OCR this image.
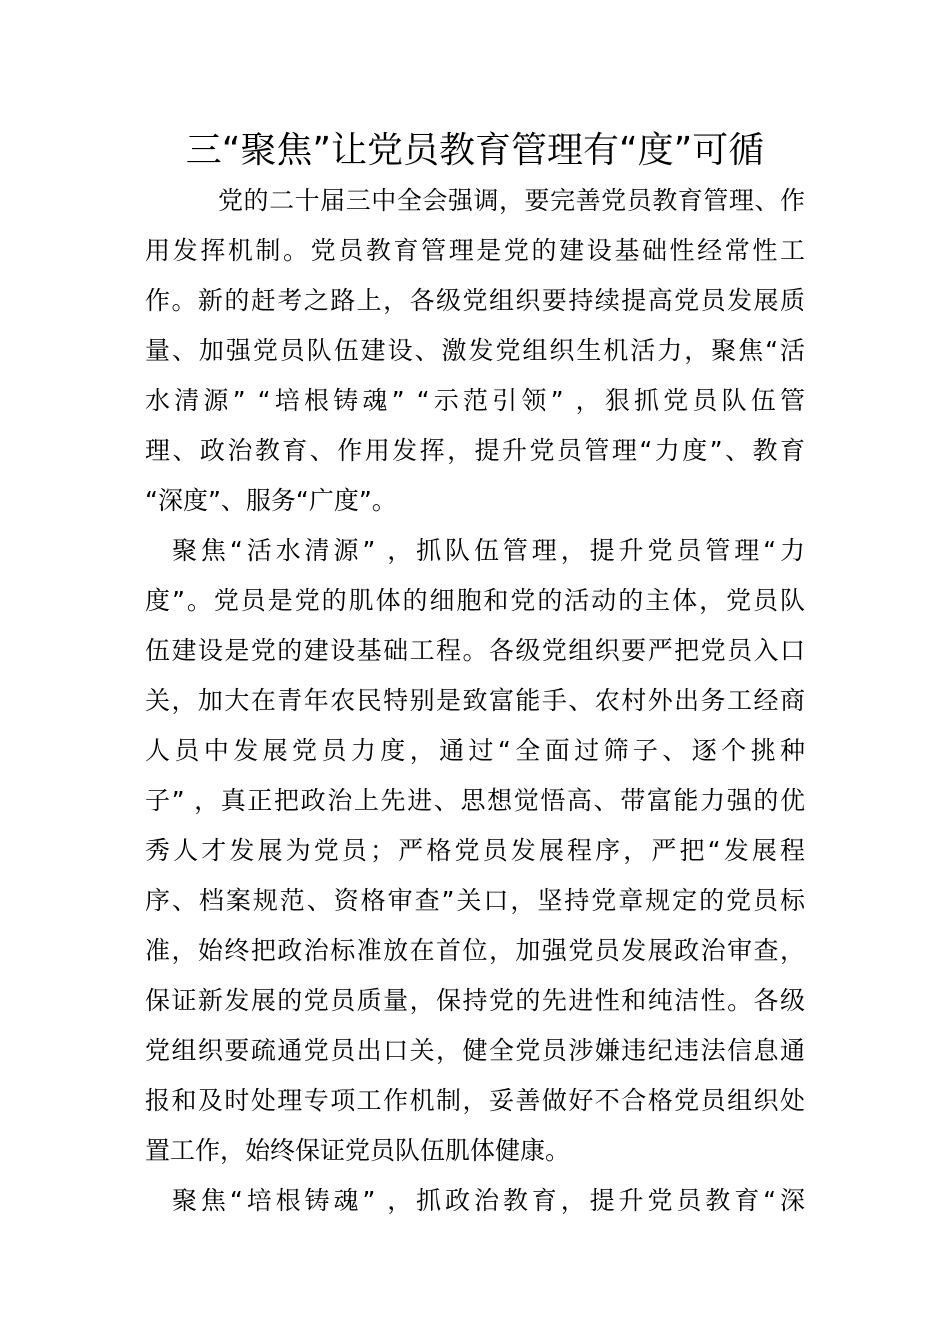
三“聚焦”让党员教育管理有“度”可循
党的二十届三中全会强调，要完善党员教育管理、作
用发挥机制。党员教育管理是党的建设基础性经常性工
作。新的赶考之路上，各级党组织要持续提高党员发展质
量、加强党员队伍建设、激发党组织生机活力，聚焦“活
水清源” “培根铸魂” “示范引领” ，狠抓党员队伍管
理、政治教育、作用发挥，提升党员管理“力度”、教育
“深度”、服务“广度”。
聚焦“活水清源” ，抓队伍管理，提升党员管理“力
度”。党员是党的肌体的细胞和党的活动的主体，党员队
伍建设是党的建设基础工程。各级党组织要严把党员入口
关，加大在青年农民特别是致富能手、农村外出务工经商
人员中发展党员力度，通过“全面过筛子、逐个挑种
子” ，真正把政治上先进、思想觉悟高、带富能力强的优
秀人才发展为党员；严格党员发展程序，严把“发展程
序、档案规范、资格审查”关口，坚持党章规定的党员标
准，始终把政治标准放在首位，加强党员发展政治审查，
保证新发展的党员质量，保持党的先进性和纯洁性。各级
党组织要疏通党员出口关，健全党员涉嫌违纪违法信息通
报和及时处理专项工作机制，妥善做好不合格党员组织处
置工作，始终保证党员队伍肌体健康。
聚焦“培根铸魂” ，抓政治教育，提升党员教育“深
